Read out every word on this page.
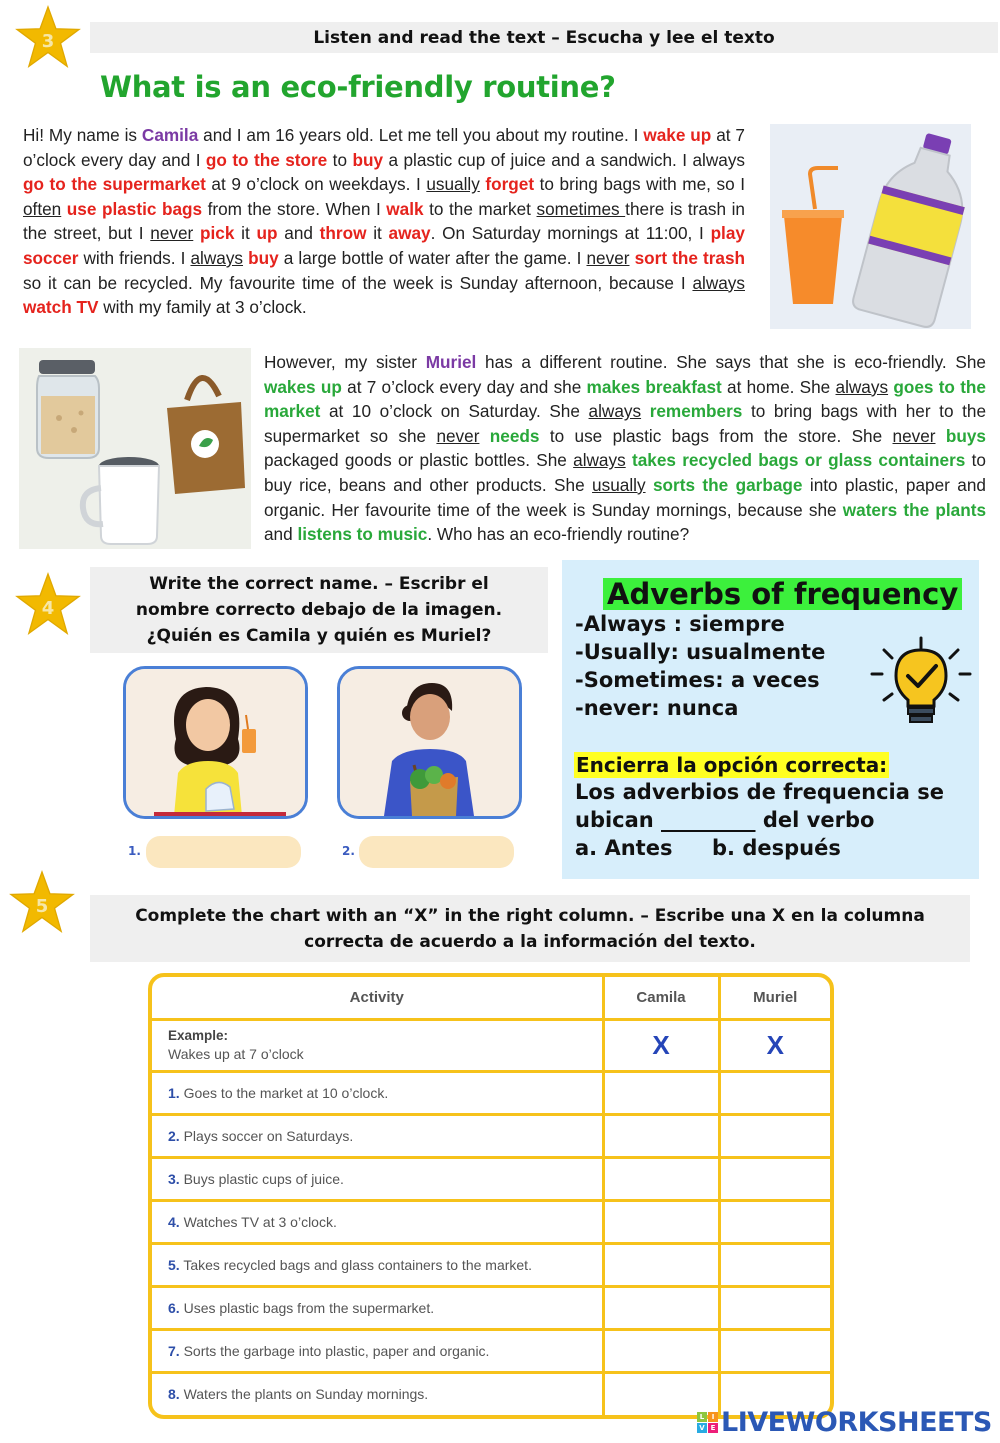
3	Listen and read the text – Escucha y lee el texto
What is an eco-friendly routine?
Hi! My name is Camila and I am 16 years old. Let me tell you about my routine. I wake up at 7 o’clock every day and I go to the store to buy a plastic cup of juice and a sandwich. I always go to the supermarket at 9 o’clock on weekdays. I usually forget to bring bags with me, so I often use plastic bags from the store. When I walk to the market sometimes there is trash in the street, but I never pick it up and throw it away. On Saturday mornings at 11:00, I play soccer with friends. I always buy a large bottle of water after the game. I never sort the trash so it can be recycled. My favourite time of the week is Sunday afternoon, because I always watch TV with my family at 3 o’clock.
However, my sister Muriel has a different routine. She says that she is eco-friendly. She wakes up at 7 o’clock every day and she makes breakfast at home. She always goes to the market at 10 o’clock on Saturday. She always remembers to bring bags with her to the supermarket so she never needs to use plastic bags from the store. She never buys packaged goods or plastic bottles. She always takes recycled bags or glass containers to buy rice, beans and other products. She usually sorts the garbage into plastic, paper and organic. Her favourite time of the week is Sunday mornings, because she waters the plants and listens to music. Who has an eco-friendly routine?
4
Write the correct name. – Escribr el
nombre correcto debajo de la imagen.
¿Quién es Camila y quién es Muriel?
1.	2.
Adverbs of frequency
-Always : siempre
-Usually: usualmente
-Sometimes: a veces
-never: nunca
Encierra la opción correcta:
Los adverbios de frequencia se
ubican _________ del verbo
a. Antes b. después
5	Complete the chart with an “X” in the right column. – Escribe una X en la columna
correcta de acuerdo a la información del texto.
Activity	Camila	Muriel

Example:
Wakes up at 7 o’clock	X	X
1. Goes to the market at 10 o’clock.		
2. Plays soccer on Saturdays.		
3. Buys plastic cups of juice.		
4. Watches TV at 3 o’clock.		
5. Takes recycled bags and glass containers to the market.		
6. Uses plastic bags from the supermarket.		
7. Sorts the garbage into plastic, paper and organic.		
8. Waters the plants on Sunday mornings.		
L	I
V E LIVEWORKSHEETS
